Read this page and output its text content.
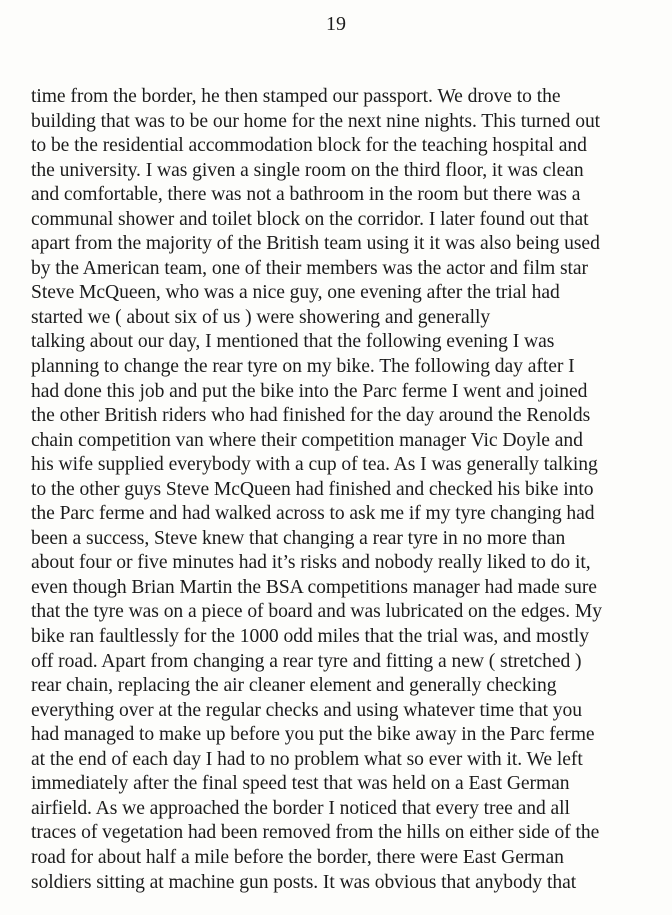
19
time from the border, he then stamped our passport. We drove to the
building that was to be our home for the next nine nights. This turned out
to be the residential accommodation block for the teaching hospital and
the university. I was given a single room on the third floor, it was clean
and comfortable, there was not a bathroom in the room but there was a
communal shower and toilet block on the corridor. I later found out that
apart from the majority of the British team using it it was also being used
by the American team, one of their members was the actor and film star
Steve McQueen, who was a nice guy, one evening after the trial had
started we ( about six of us ) were showering and generally
talking about our day, I mentioned that the following evening I was
planning to change the rear tyre on my bike. The following day after I
had done this job and put the bike into the Parc ferme I went and joined
the other British riders who had finished for the day around the Renolds
chain competition van where their competition manager Vic Doyle and
his wife supplied everybody with a cup of tea. As I was generally talking
to the other guys Steve McQueen had finished and checked his bike into
the Parc ferme and had walked across to ask me if my tyre changing had
been a success, Steve knew that changing a rear tyre in no more than
about four or five minutes had it’s risks and nobody really liked to do it,
even though Brian Martin the BSA competitions manager had made sure
that the tyre was on a piece of board and was lubricated on the edges. My
bike ran faultlessly for the 1000 odd miles that the trial was, and mostly
off road. Apart from changing a rear tyre and fitting a new ( stretched )
rear chain, replacing the air cleaner element and generally checking
everything over at the regular checks and using whatever time that you
had managed to make up before you put the bike away in the Parc ferme
at the end of each day I had to no problem what so ever with it. We left
immediately after the final speed test that was held on a East German
airfield. As we approached the border I noticed that every tree and all
traces of vegetation had been removed from the hills on either side of the
road for about half a mile before the border, there were East German
soldiers sitting at machine gun posts. It was obvious that anybody that
